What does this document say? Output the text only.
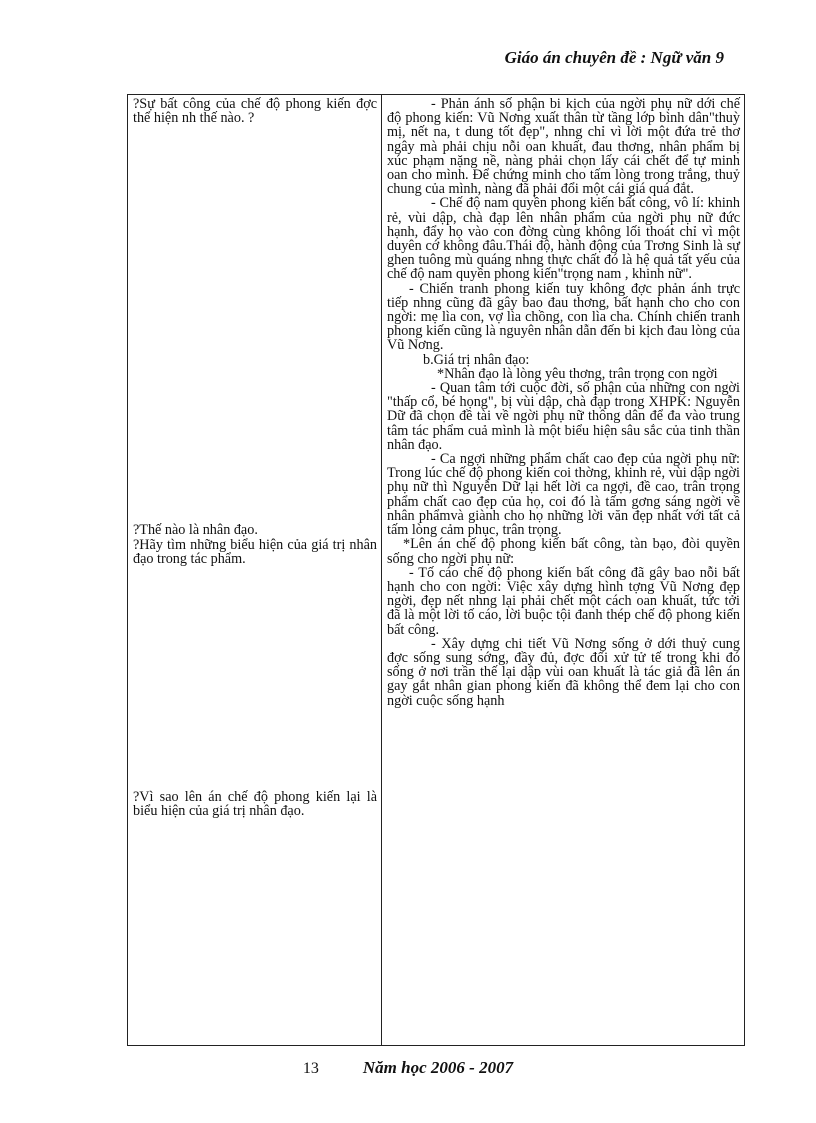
Giáo án chuyên đề : Ngữ văn 9
?Sự bất công của chế độ phong kiến đợc thể hiện nh thế nào. ?
?Thế nào là nhân đạo.
?Hãy tìm những biểu hiện của giá trị nhân đạo trong tác phẩm.
?Vì sao lên án chế độ phong kiến lại là biểu hiện của giá trị nhân đạo.

- Phản ánh số phận bi kịch của ngời phụ nữ dới chế độ phong kiến: Vũ Nơng xuất thân từ tầng lớp bình dân"thuỳ mị, nết na, t dung tốt đẹp", nhng chỉ vì lời một đứa trẻ thơ ngây mà phải chịu nỗi oan khuất, đau thơng, nhân phẩm bị xúc phạm nặng nề, nàng phải chọn lấy cái chết để tự minh oan cho mình. Để chứng minh cho tấm lòng trong trắng, thuỷ chung của mình, nàng đã phải đổi một cái giá quá đắt.
- Chế độ nam quyền phong kiến bất công, vô lí: khinh rẻ, vùi dập, chà đạp lên nhân phẩm của ngời phụ nữ đức hạnh, đẩy họ vào con đờng cùng không lối thoát chỉ vì một duyên cớ không đâu.Thái độ, hành động của Trơng Sinh là sự ghen tuông mù quáng nhng thực chất đó là hệ quả tất yếu của chế độ nam quyền phong kiến"trọng nam , khinh nữ".
- Chiến tranh phong kiến tuy không đợc phản ánh trực tiếp nhng cũng đã gây bao đau thơng, bất hạnh cho cho con ngời: mẹ lìa con, vợ lìa chồng, con lìa cha. Chính chiến tranh phong kiến cũng là nguyên nhân dẫn đến bi kịch đau lòng của Vũ Nơng.
b.Giá trị nhân đạo:
*Nhân đạo là lòng yêu thơng, trân trọng con ngời
- Quan tâm tới cuộc đời, số phận của những con ngời "thấp cổ, bé họng", bị vùi dập, chà đạp trong XHPK: Nguyễn Dữ đã chọn đề tài về ngời phụ nữ thông dân để đa vào trung tâm tác phẩm cuả mình là một biểu hiện sâu sắc của tinh thần nhân đạo.
- Ca ngợi những phẩm chất cao đẹp của ngời phụ nữ: Trong lúc chế độ phong kiến coi thờng, khinh rẻ, vùi dập ngời phụ nữ thì Nguyễn Dữ lại hết lời ca ngợi, đề cao, trân trọng phẩm chất cao đẹp của họ, coi đó là tấm gơng sáng ngời về nhân phẩmvà giành cho họ những lời văn đẹp nhất với tất cả tấm lòng cảm phục, trân trọng.
*Lên án chế độ phong kiến bất công, tàn bạo, đòi quyền sống cho ngời phụ nữ:
- Tố cáo chế độ phong kiến bất công đã gây bao nỗi bất hạnh cho con ngời: Việc xây dựng hình tợng Vũ Nơng đẹp ngời, đẹp nết nhng lại phải chết một cách oan khuất, tức tởi đã là một lời tố cáo, lời buộc tội đanh thép chế độ phong kiến bất công.
- Xây dựng chi tiết Vũ Nơng sống ở dới thuỷ cung đợc sống sung sớng, đầy đủ, đợc đối xử tử tế trong khi đó sống ở nơi trần thế lại dập vùi oan khuất là tác giả đã lên án gay gắt nhân gian phong kiến đã không thể đem lại cho con ngời cuộc sống hạnh
13	Năm học 2006 - 2007
